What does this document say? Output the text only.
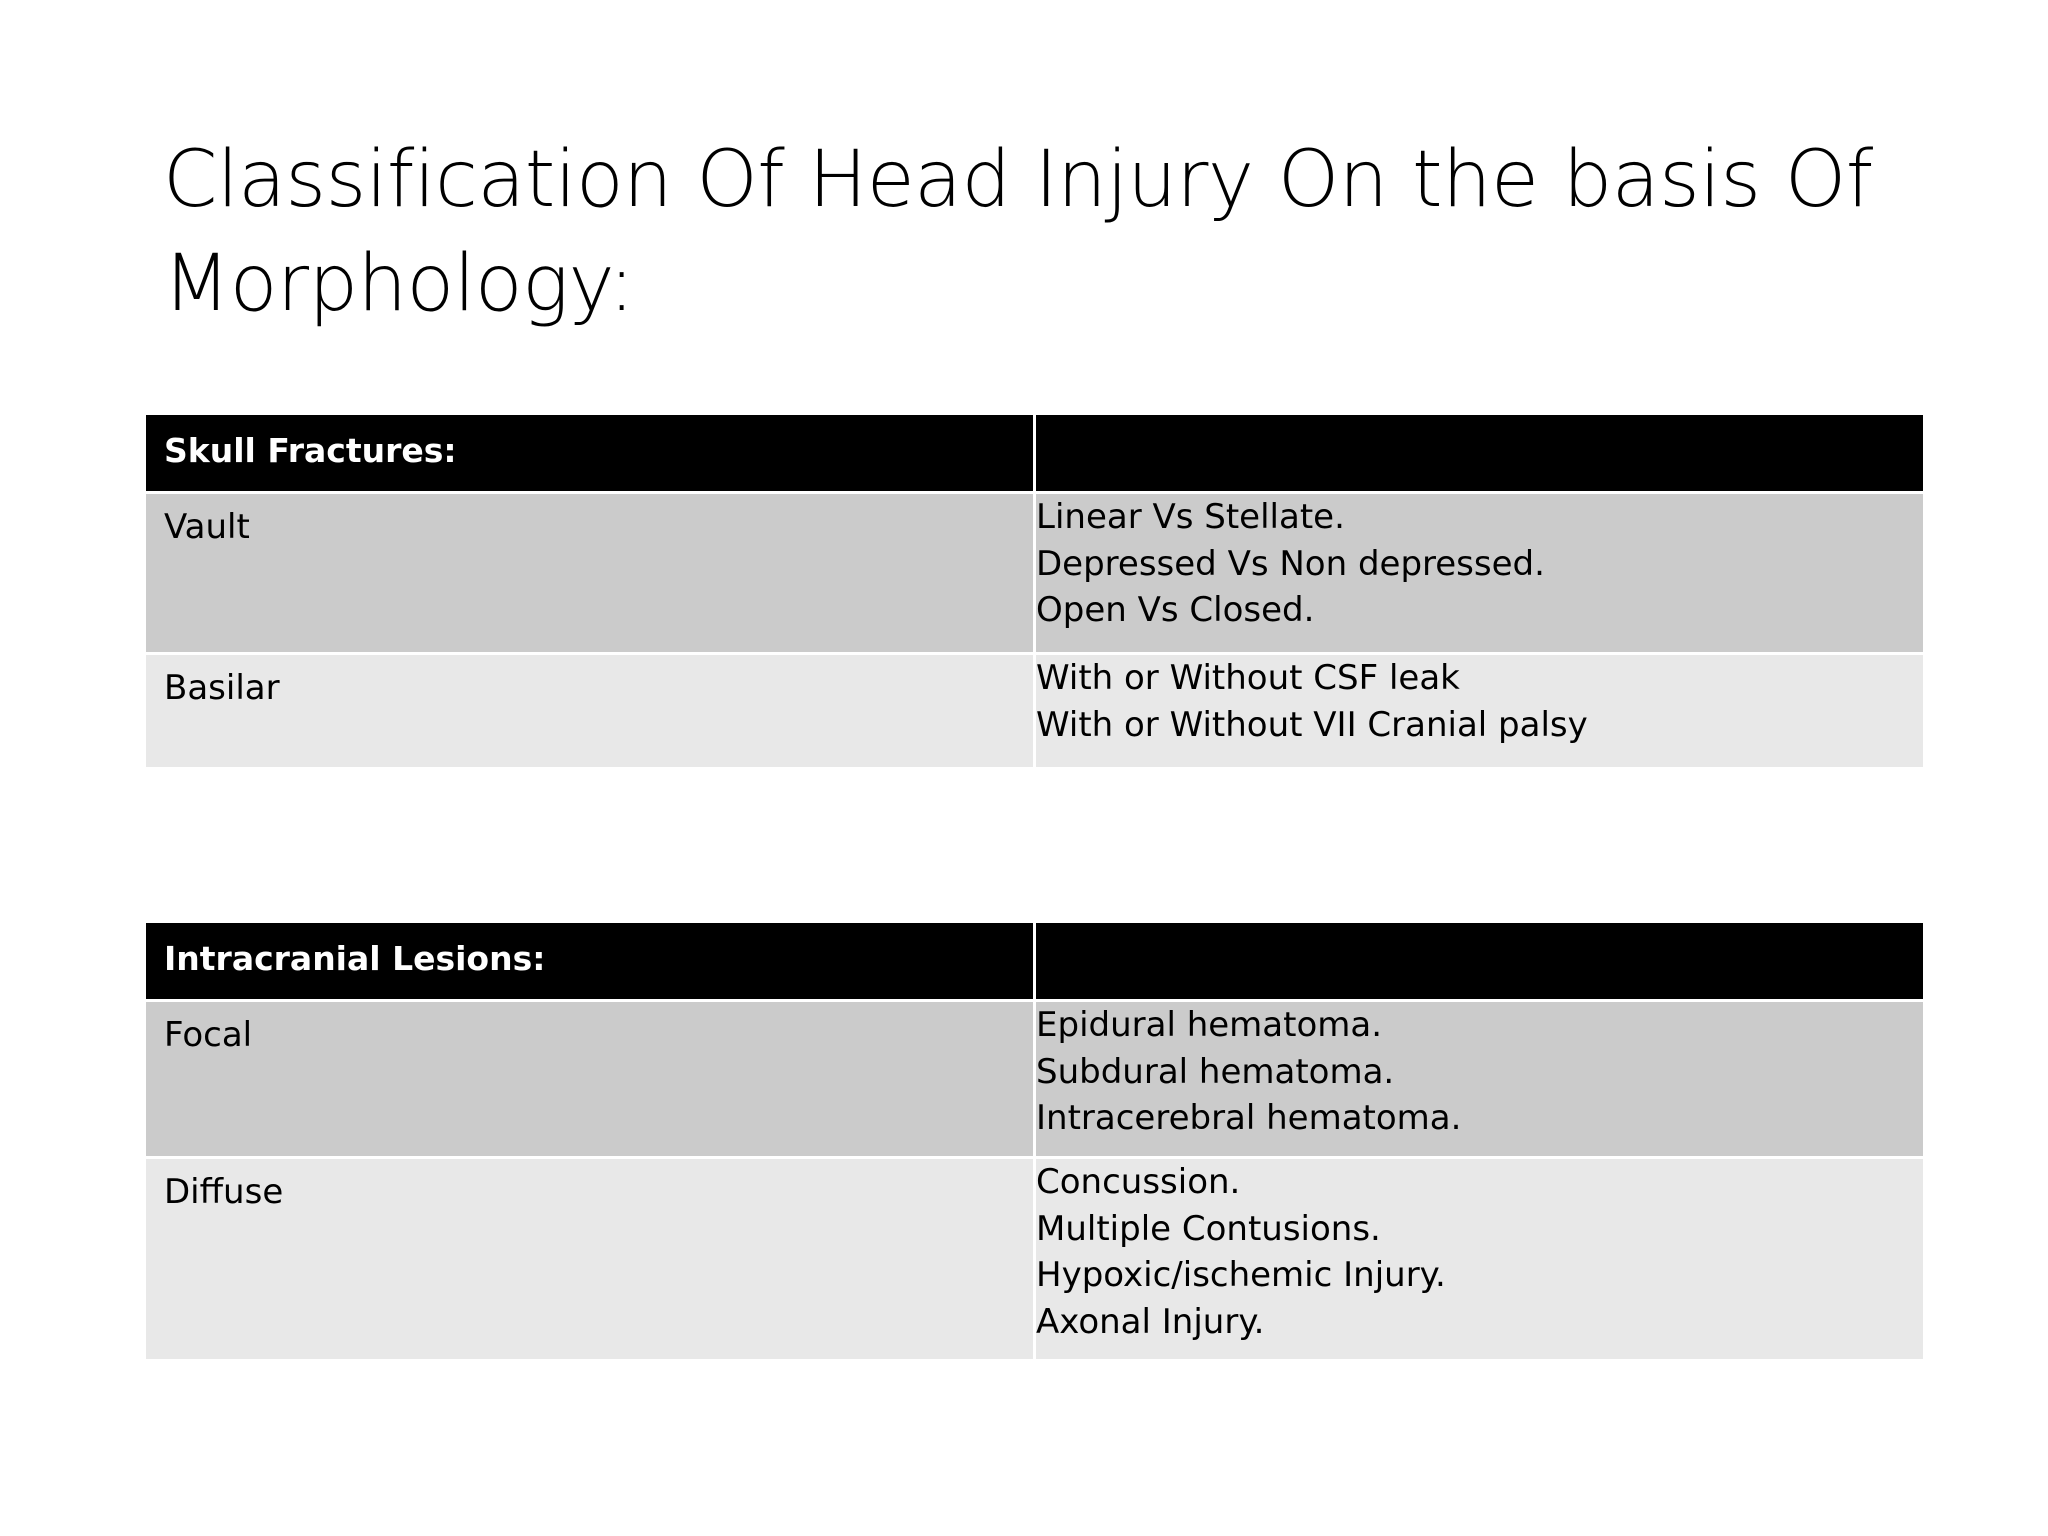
Classification Of Head Injury On the basis Of
Morphology:
Skull Fractures:	

Vault	Linear Vs Stellate.
Depressed Vs Non depressed.
Open Vs Closed.

Basilar	With or Without CSF leak
With or Without VII Cranial palsy
Intracranial Lesions:	

Focal	Epidural hematoma.
Subdural hematoma.
Intracerebral hematoma.

Diffuse	Concussion.
Multiple Contusions.
Hypoxic/ischemic Injury.
Axonal Injury.
